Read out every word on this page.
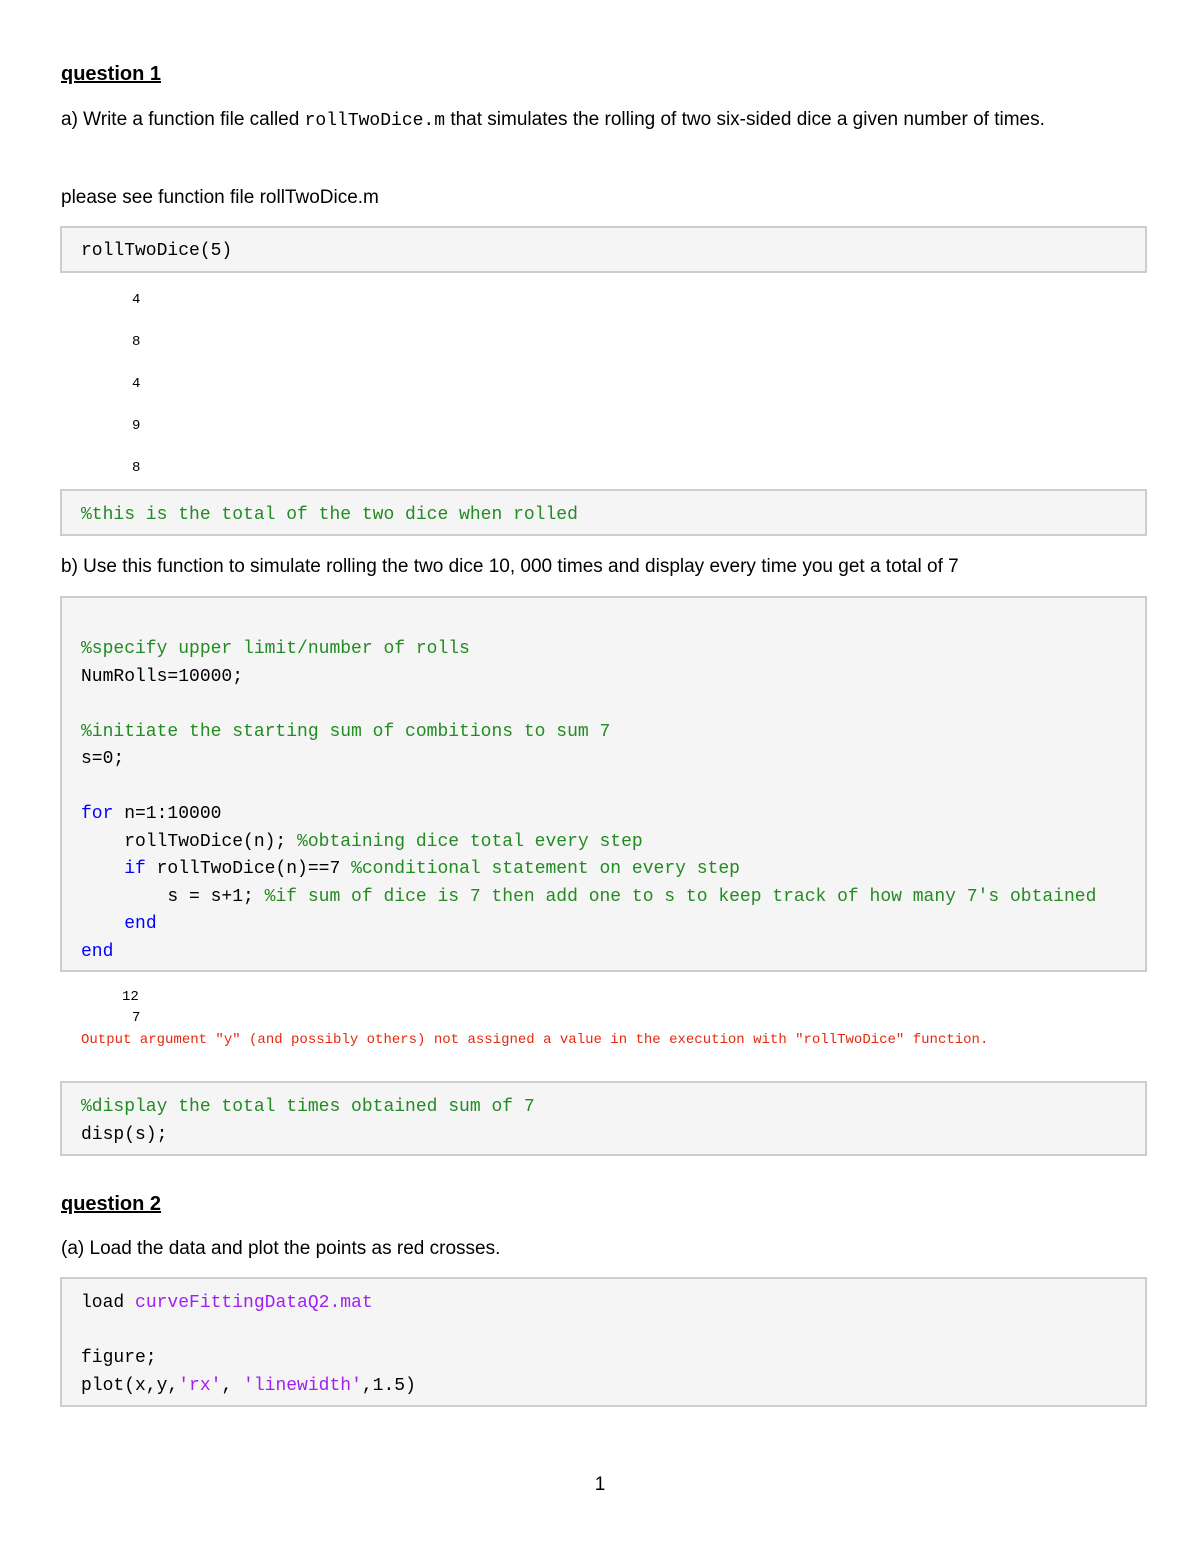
question 1

a) Write a function file called rollTwoDice.m that simulates the rolling of two six-sided dice a given number of times.

please see function file rollTwoDice.m

rollTwoDice(5)
4
8
4
9
8
%this is the total of the two dice when rolled

b) Use this function to simulate rolling the two dice 10, 000 times and display every time you get a total of 7

%specify upper limit/number of rolls
NumRolls=10000;

%initiate the starting sum of combitions to sum 7
s=0;

for n=1:10000
rollTwoDice(n); %obtaining dice total every step
if rollTwoDice(n)==7 %conditional statement on every step
s = s+1; %if sum of dice is 7 then add one to s to keep track of how many 7's obtained
end
end
12
7

Output argument "y" (and possibly others) not assigned a value in the execution with "rollTwoDice" function.

%display the total times obtained sum of 7
disp(s);
question 2

(a) Load the data and plot the points as red crosses.

load curveFittingDataQ2.mat

figure;
plot(x,y,'rx', 'linewidth',1.5)
1
